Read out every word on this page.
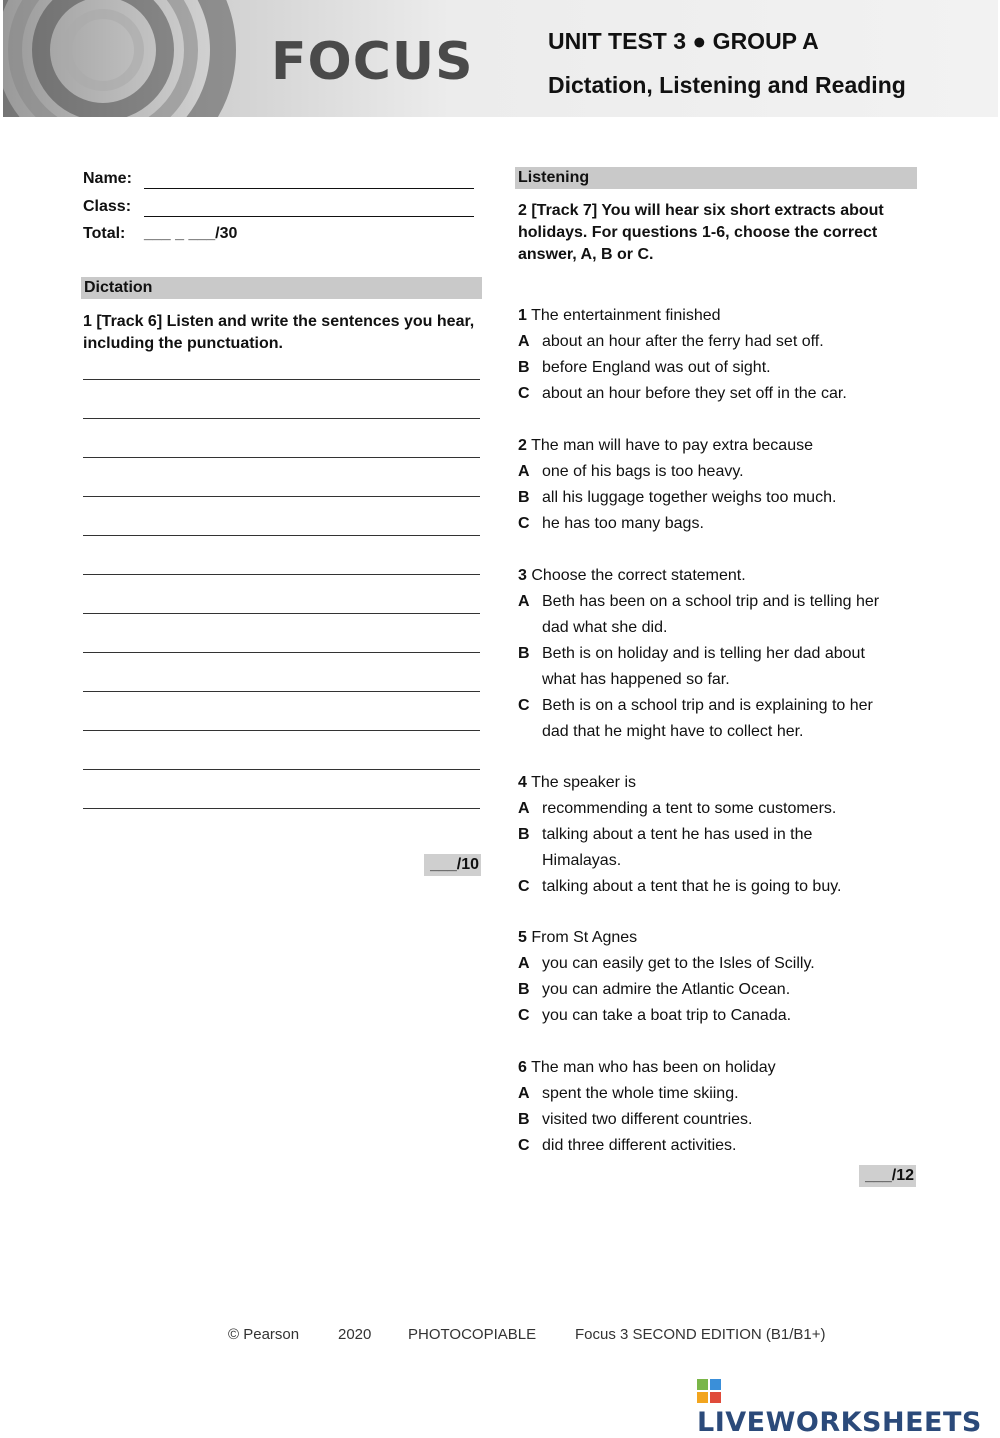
FOCUS	UNIT TEST 3 ● GROUP A
Dictation, Listening and Reading
Name:

Class:

Total: ___ _ ___/30
Dictation
1 [Track 6] Listen and write the sentences you hear, including the punctuation.
___/10
Listening
2 [Track 7] You will hear six short extracts about holidays. For questions 1-6, choose the correct answer, A, B or C.
1 The entertainment finished
A about an hour after the ferry had set off.
B before England was out of sight.
C about an hour before they set off in the car.
2 The man will have to pay extra because
A one of his bags is too heavy.
B all his luggage together weighs too much.
C he has too many bags.
3 Choose the correct statement.
A Beth has been on a school trip and is telling her dad what she did.
B Beth is on holiday and is telling her dad about what has happened so far.
C Beth is on a school trip and is explaining to her dad that he might have to collect her.
4 The speaker is
A recommending a tent to some customers.
B talking about a tent he has used in the Himalayas.
C talking about a tent that he is going to buy.
5 From St Agnes
A you can easily get to the Isles of Scilly.
B you can admire the Atlantic Ocean.
C you can take a boat trip to Canada.
6 The man who has been on holiday
A spent the whole time skiing.
B visited two different countries.
C did three different activities.
___/12
© Pearson	2020 PHOTOCOPIABLE	Focus 3 SECOND EDITION (B1/B1+)
LIVEWORKSHEETS
